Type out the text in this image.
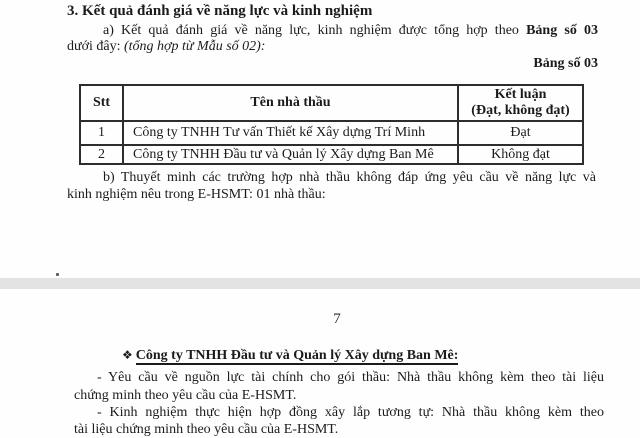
3. Kết quả đánh giá về năng lực và kinh nghiệm
a) Kết quả đánh giá về năng lực, kinh nghiệm được tổng hợp theo Bảng số 03
dưới đây: (tổng hợp từ Mẫu số 02):
Bảng số 03
Stt	Tên nhà thầu	Kết luận
(Đạt, không đạt)

1	Công ty TNHH Tư vấn Thiết kế Xây dựng Trí Minh	Đạt
2	Công ty TNHH Đầu tư và Quản lý Xây dựng Ban Mê	Không đạt
b) Thuyết minh các trường hợp nhà thầu không đáp ứng yêu cầu về năng lực và
kinh nghiệm nêu trong E-HSMT: 01 nhà thầu:
7
❖ Công ty TNHH Đầu tư và Quản lý Xây dựng Ban Mê:
- Yêu cầu về nguồn lực tài chính cho gói thầu: Nhà thầu không kèm theo tài liệu
chứng minh theo yêu cầu của E-HSMT.
- Kinh nghiệm thực hiện hợp đồng xây lắp tương tự: Nhà thầu không kèm theo
tài liệu chứng minh theo yêu cầu của E-HSMT.
